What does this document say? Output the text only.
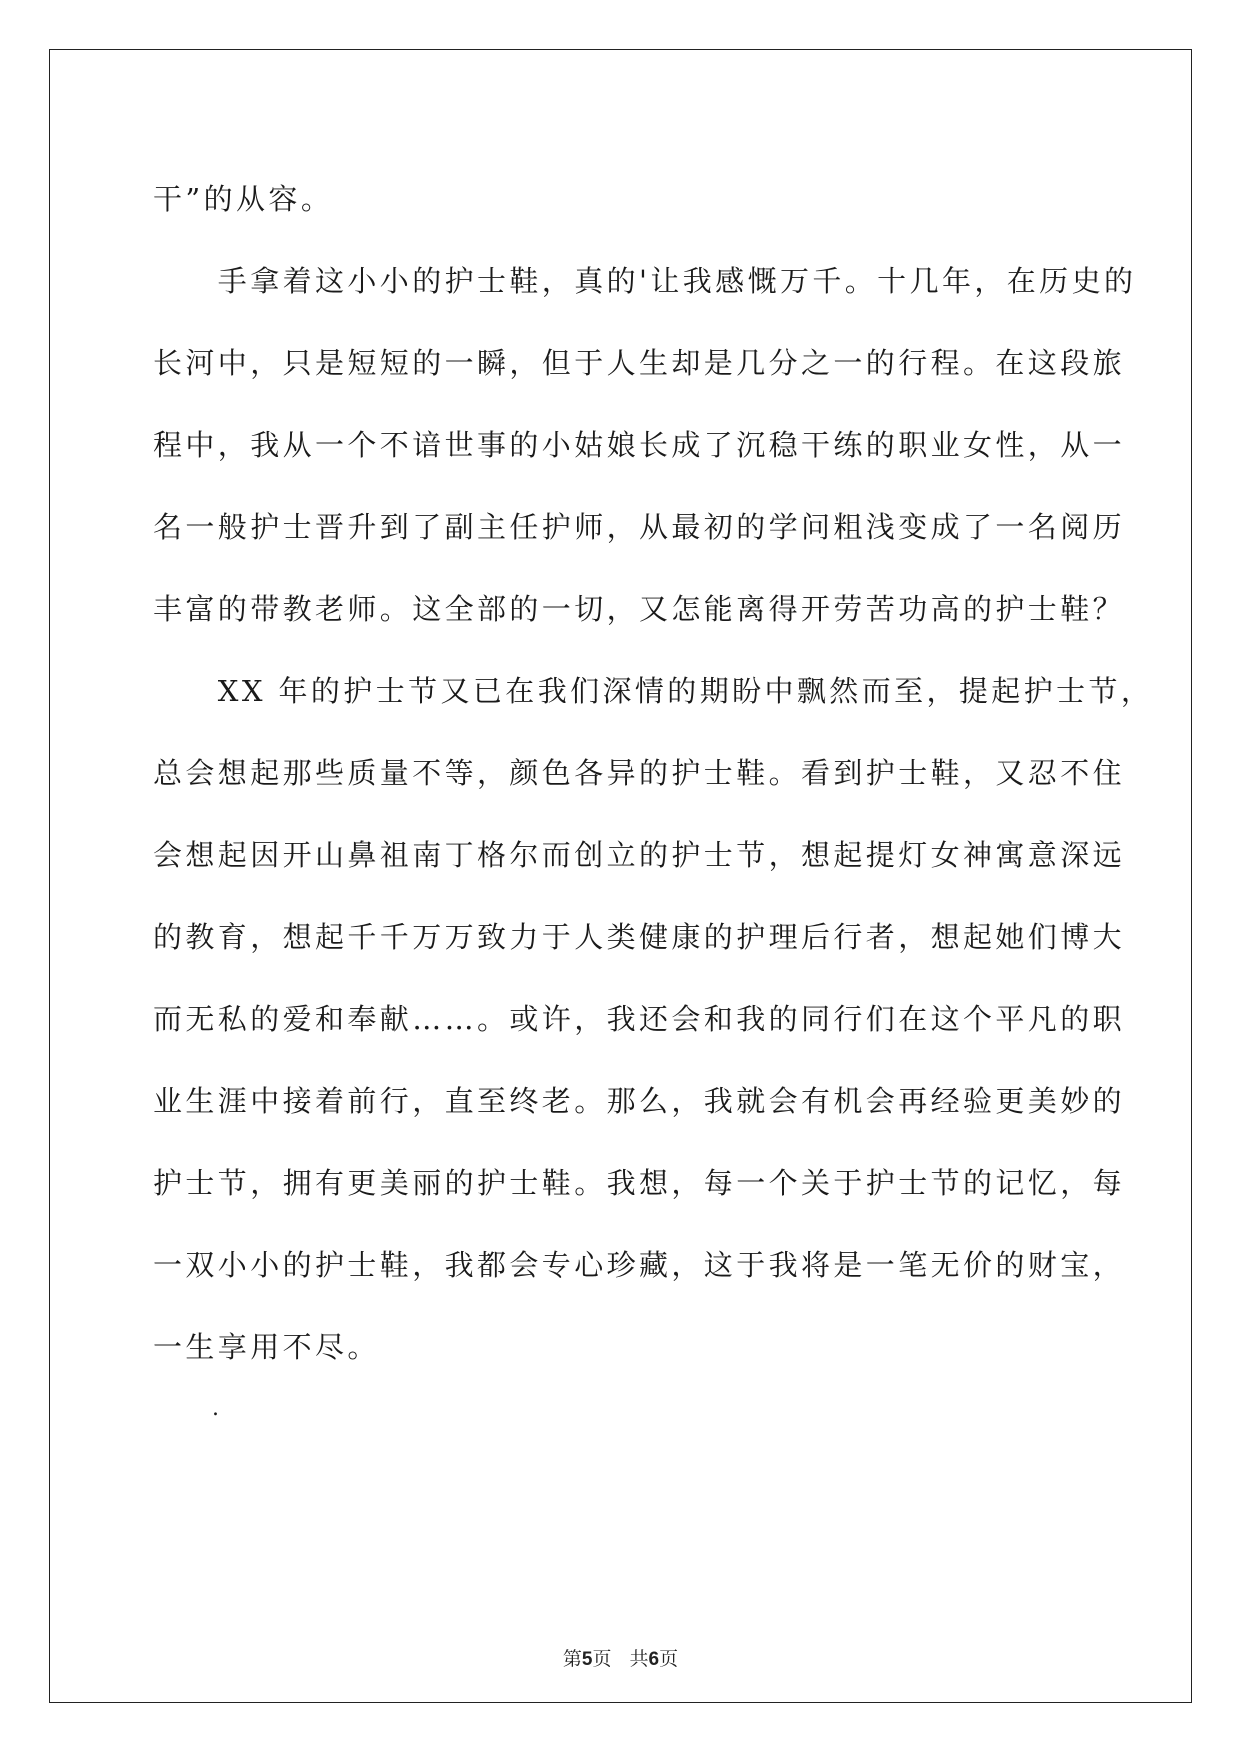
干”的从容。
　　手拿着这小小的护士鞋，真的'让我感慨万千。十几年，在历史的
长河中，只是短短的一瞬，但于人生却是几分之一的行程。在这段旅
程中，我从一个不谙世事的小姑娘长成了沉稳干练的职业女性，从一
名一般护士晋升到了副主任护师，从最初的学问粗浅变成了一名阅历
丰富的带教老师。这全部的一切，又怎能离得开劳苦功高的护士鞋？
　　XX 年的护士节又已在我们深情的期盼中飘然而至，提起护士节，
总会想起那些质量不等，颜色各异的护士鞋。看到护士鞋，又忍不住
会想起因开山鼻祖南丁格尔而创立的护士节，想起提灯女神寓意深远
的教育，想起千千万万致力于人类健康的护理后行者，想起她们博大
而无私的爱和奉献……。或许，我还会和我的同行们在这个平凡的职
业生涯中接着前行，直至终老。那么，我就会有机会再经验更美妙的
护士节，拥有更美丽的护士鞋。我想，每一个关于护士节的记忆，每
一双小小的护士鞋，我都会专心珍藏，这于我将是一笔无价的财宝，
一生享用不尽。
.
第5页 共6页
